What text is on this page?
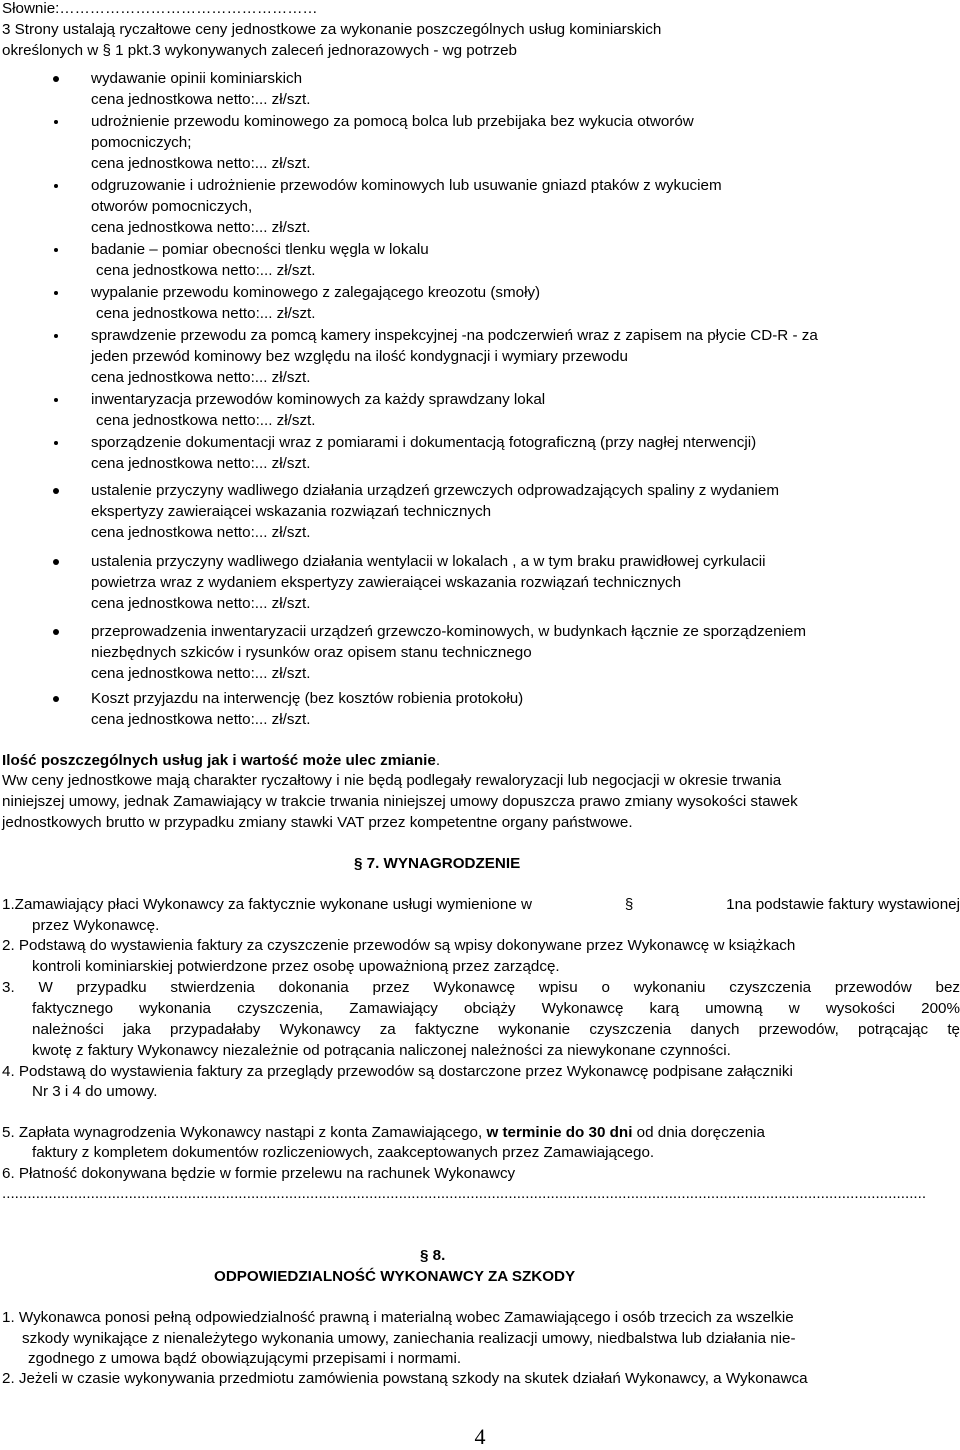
Słownie:……………………………………………
3 Strony ustalają ryczałtowe ceny jednostkowe za wykonanie poszczególnych usług kominiarskich
określonych w § 1 pkt.3 wykonywanych zaleceń jednorazowych - wg potrzeb
wydawanie opinii kominiarskich
cena jednostkowa netto:... zł/szt.
udrożnienie przewodu kominowego za pomocą bolca lub przebijaka bez wykucia otworów
pomocniczych;
cena jednostkowa netto:... zł/szt.
odgruzowanie i udrożnienie przewodów kominowych lub usuwanie gniazd ptaków z wykuciem
otworów pomocniczych,
cena jednostkowa netto:... zł/szt.
badanie – pomiar obecności tlenku węgla w lokalu
cena jednostkowa netto:... zł/szt.
wypalanie przewodu kominowego z zalegającego kreozotu (smoły)
cena jednostkowa netto:... zł/szt.
sprawdzenie przewodu za pomcą kamery inspekcyjnej -na podczerwień wraz z zapisem na płycie CD-R - za
jeden przewód kominowy bez względu na ilość kondygnacji i wymiary przewodu
cena jednostkowa netto:... zł/szt.
inwentaryzacja przewodów kominowych za każdy sprawdzany lokal
cena jednostkowa netto:... zł/szt.
sporządzenie dokumentacji wraz z pomiarami i dokumentacją fotograficzną (przy nagłej nterwencji)
cena jednostkowa netto:... zł/szt.
ustalenie przyczyny wadliwego działania urządzeń grzewczych odprowadzających spaliny z wydaniem
ekspertyzy zawieraiącei wskazania rozwiązań technicznych
cena jednostkowa netto:... zł/szt.
ustalenia przyczyny wadliwego działania wentylacii w lokalach , a w tym braku prawidłowej cyrkulacii
powietrza wraz z wydaniem ekspertyzy zawieraiącei wskazania rozwiązań technicznych
cena jednostkowa netto:... zł/szt.
przeprowadzenia inwentaryzacii urządzeń grzewczo-kominowych, w budynkach łącznie ze sporządzeniem
niezbędnych szkiców i rysunków oraz opisem stanu technicznego
cena jednostkowa netto:... zł/szt.
Koszt przyjazdu na interwencję (bez kosztów robienia protokołu)
cena jednostkowa netto:... zł/szt.
Ilość poszczególnych usług jak i wartość może ulec zmianie.
Ww ceny jednostkowe mają charakter ryczałtowy i nie będą podlegały rewaloryzacji lub negocjacji w okresie trwania
niniejszej umowy, jednak Zamawiający w trakcie trwania niniejszej umowy dopuszcza prawo zmiany wysokości stawek
jednostkowych brutto w przypadku zmiany stawki VAT przez kompetentne organy państwowe.
§ 7. WYNAGRODZENIE
1.Zamawiający płaci Wykonawcy za faktycznie wykonane usługi wymienione w	§	1na podstawie faktury wystawionej
przez Wykonawcę.
2. Podstawą do wystawienia faktury za czyszczenie przewodów są wpisy dokonywane przez Wykonawcę w książkach
kontroli kominiarskiej potwierdzone przez osobę upoważnioną przez zarządcę.
3. W przypadku stwierdzenia dokonania przez Wykonawcę wpisu o wykonaniu czyszczenia przewodów bez
faktycznego wykonania czyszczenia, Zamawiający obciąży Wykonawcę karą umowną w wysokości 200%
należności jaka przypadałaby Wykonawcy za faktyczne wykonanie czyszczenia danych przewodów, potrącając tę
kwotę z faktury Wykonawcy niezależnie od potrącania naliczonej należności za niewykonane czynności.
4. Podstawą do wystawienia faktury za przeglądy przewodów są dostarczone przez Wykonawcę podpisane załączniki
Nr 3 i 4 do umowy.
5. Zapłata wynagrodzenia Wykonawcy nastąpi z konta Zamawiającego, w terminie do 30 dni od dnia doręczenia
faktury z kompletem dokumentów rozliczeniowych, zaakceptowanych przez Zamawiającego.
6. Płatność dokonywana będzie w formie przelewu na rachunek Wykonawcy
...........................................................................................................................................................................................................................
§ 8.
ODPOWIEDZIALNOŚĆ WYKONAWCY ZA SZKODY
1. Wykonawca ponosi pełną odpowiedzialność prawną i materialną wobec Zamawiającego i osób trzecich za wszelkie
szkody wynikające z nienależytego wykonania umowy, zaniechania realizacji umowy, niedbalstwa lub działania nie-
zgodnego z umowa bądź obowiązującymi przepisami i normami.
2. Jeżeli w czasie wykonywania przedmiotu zamówienia powstaną szkody na skutek działań Wykonawcy, a Wykonawca
4
